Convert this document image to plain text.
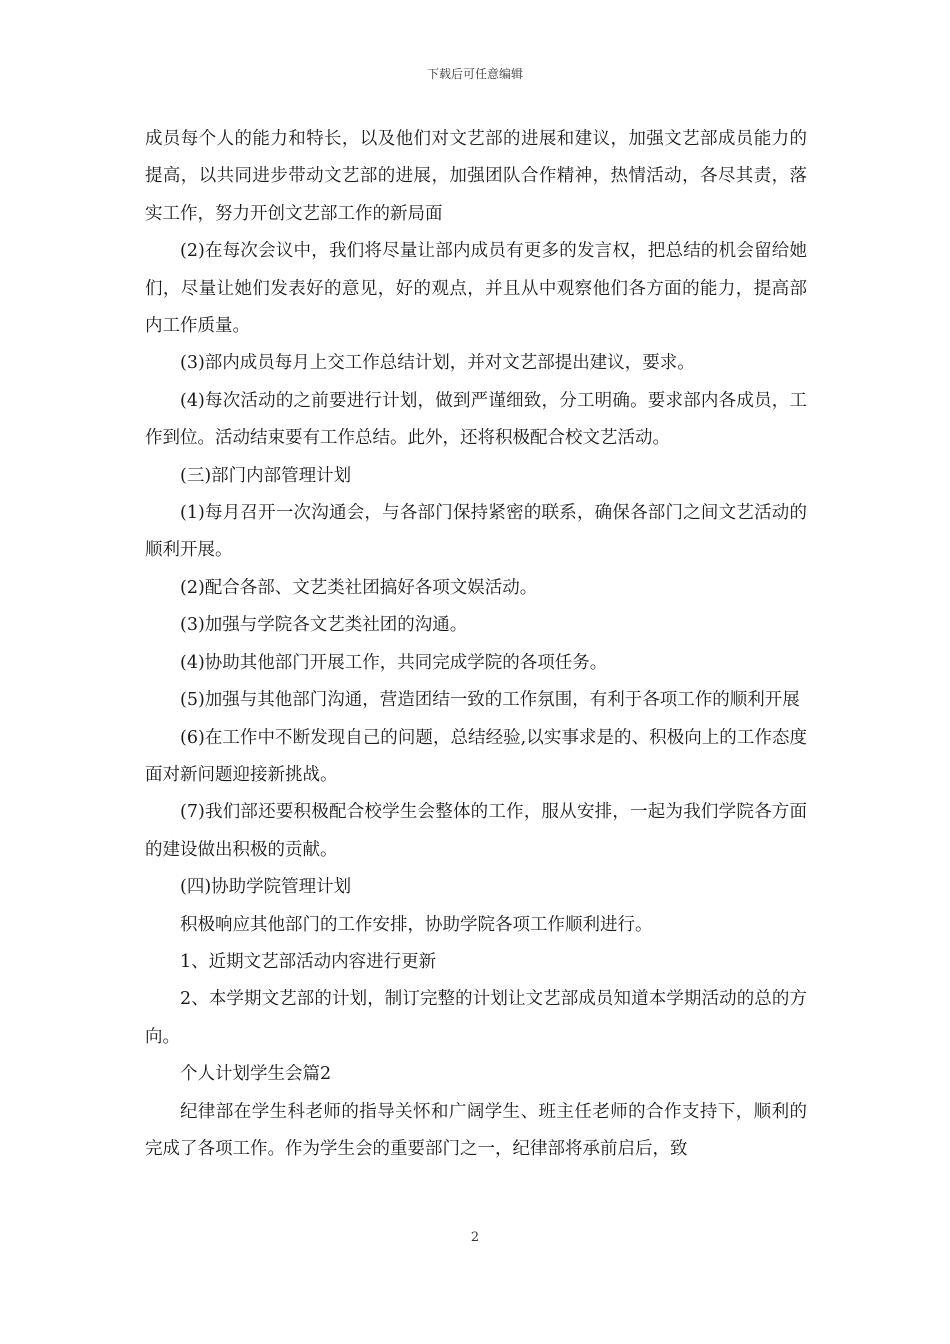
下载后可任意编辑

成员每个人的能力和特长，以及他们对文艺部的进展和建议，加强文艺部成员能力的提高，以共同进步带动文艺部的进展，加强团队合作精神，热情活动，各尽其责，落实工作，努力开创文艺部工作的新局面

(2)在每次会议中，我们将尽量让部内成员有更多的发言权，把总结的机会留给她们，尽量让她们发表好的意见，好的观点，并且从中观察他们各方面的能力，提高部内工作质量。

(3)部内成员每月上交工作总结计划，并对文艺部提出建议，要求。

(4)每次活动的之前要进行计划，做到严谨细致，分工明确。要求部内各成员，工作到位。活动结束要有工作总结。此外，还将积极配合校文艺活动。

(三)部门内部管理计划

(1)每月召开一次沟通会，与各部门保持紧密的联系，确保各部门之间文艺活动的顺利开展。

(2)配合各部、文艺类社团搞好各项文娱活动。

(3)加强与学院各文艺类社团的沟通。

(4)协助其他部门开展工作，共同完成学院的各项任务。

(5)加强与其他部门沟通，营造团结一致的工作氛围，有利于各项工作的顺利开展

(6)在工作中不断发现自己的问题，总结经验,以实事求是的、积极向上的工作态度面对新问题迎接新挑战。

(7)我们部还要积极配合校学生会整体的工作，服从安排，一起为我们学院各方面的建设做出积极的贡献。

(四)协助学院管理计划

积极响应其他部门的工作安排，协助学院各项工作顺利进行。

1、近期文艺部活动内容进行更新

2、本学期文艺部的计划，制订完整的计划让文艺部成员知道本学期活动的总的方向。

个人计划学生会篇2

纪律部在学生科老师的指导关怀和广阔学生、班主任老师的合作支持下，顺利的完成了各项工作。作为学生会的重要部门之一，纪律部将承前启后，致

2
